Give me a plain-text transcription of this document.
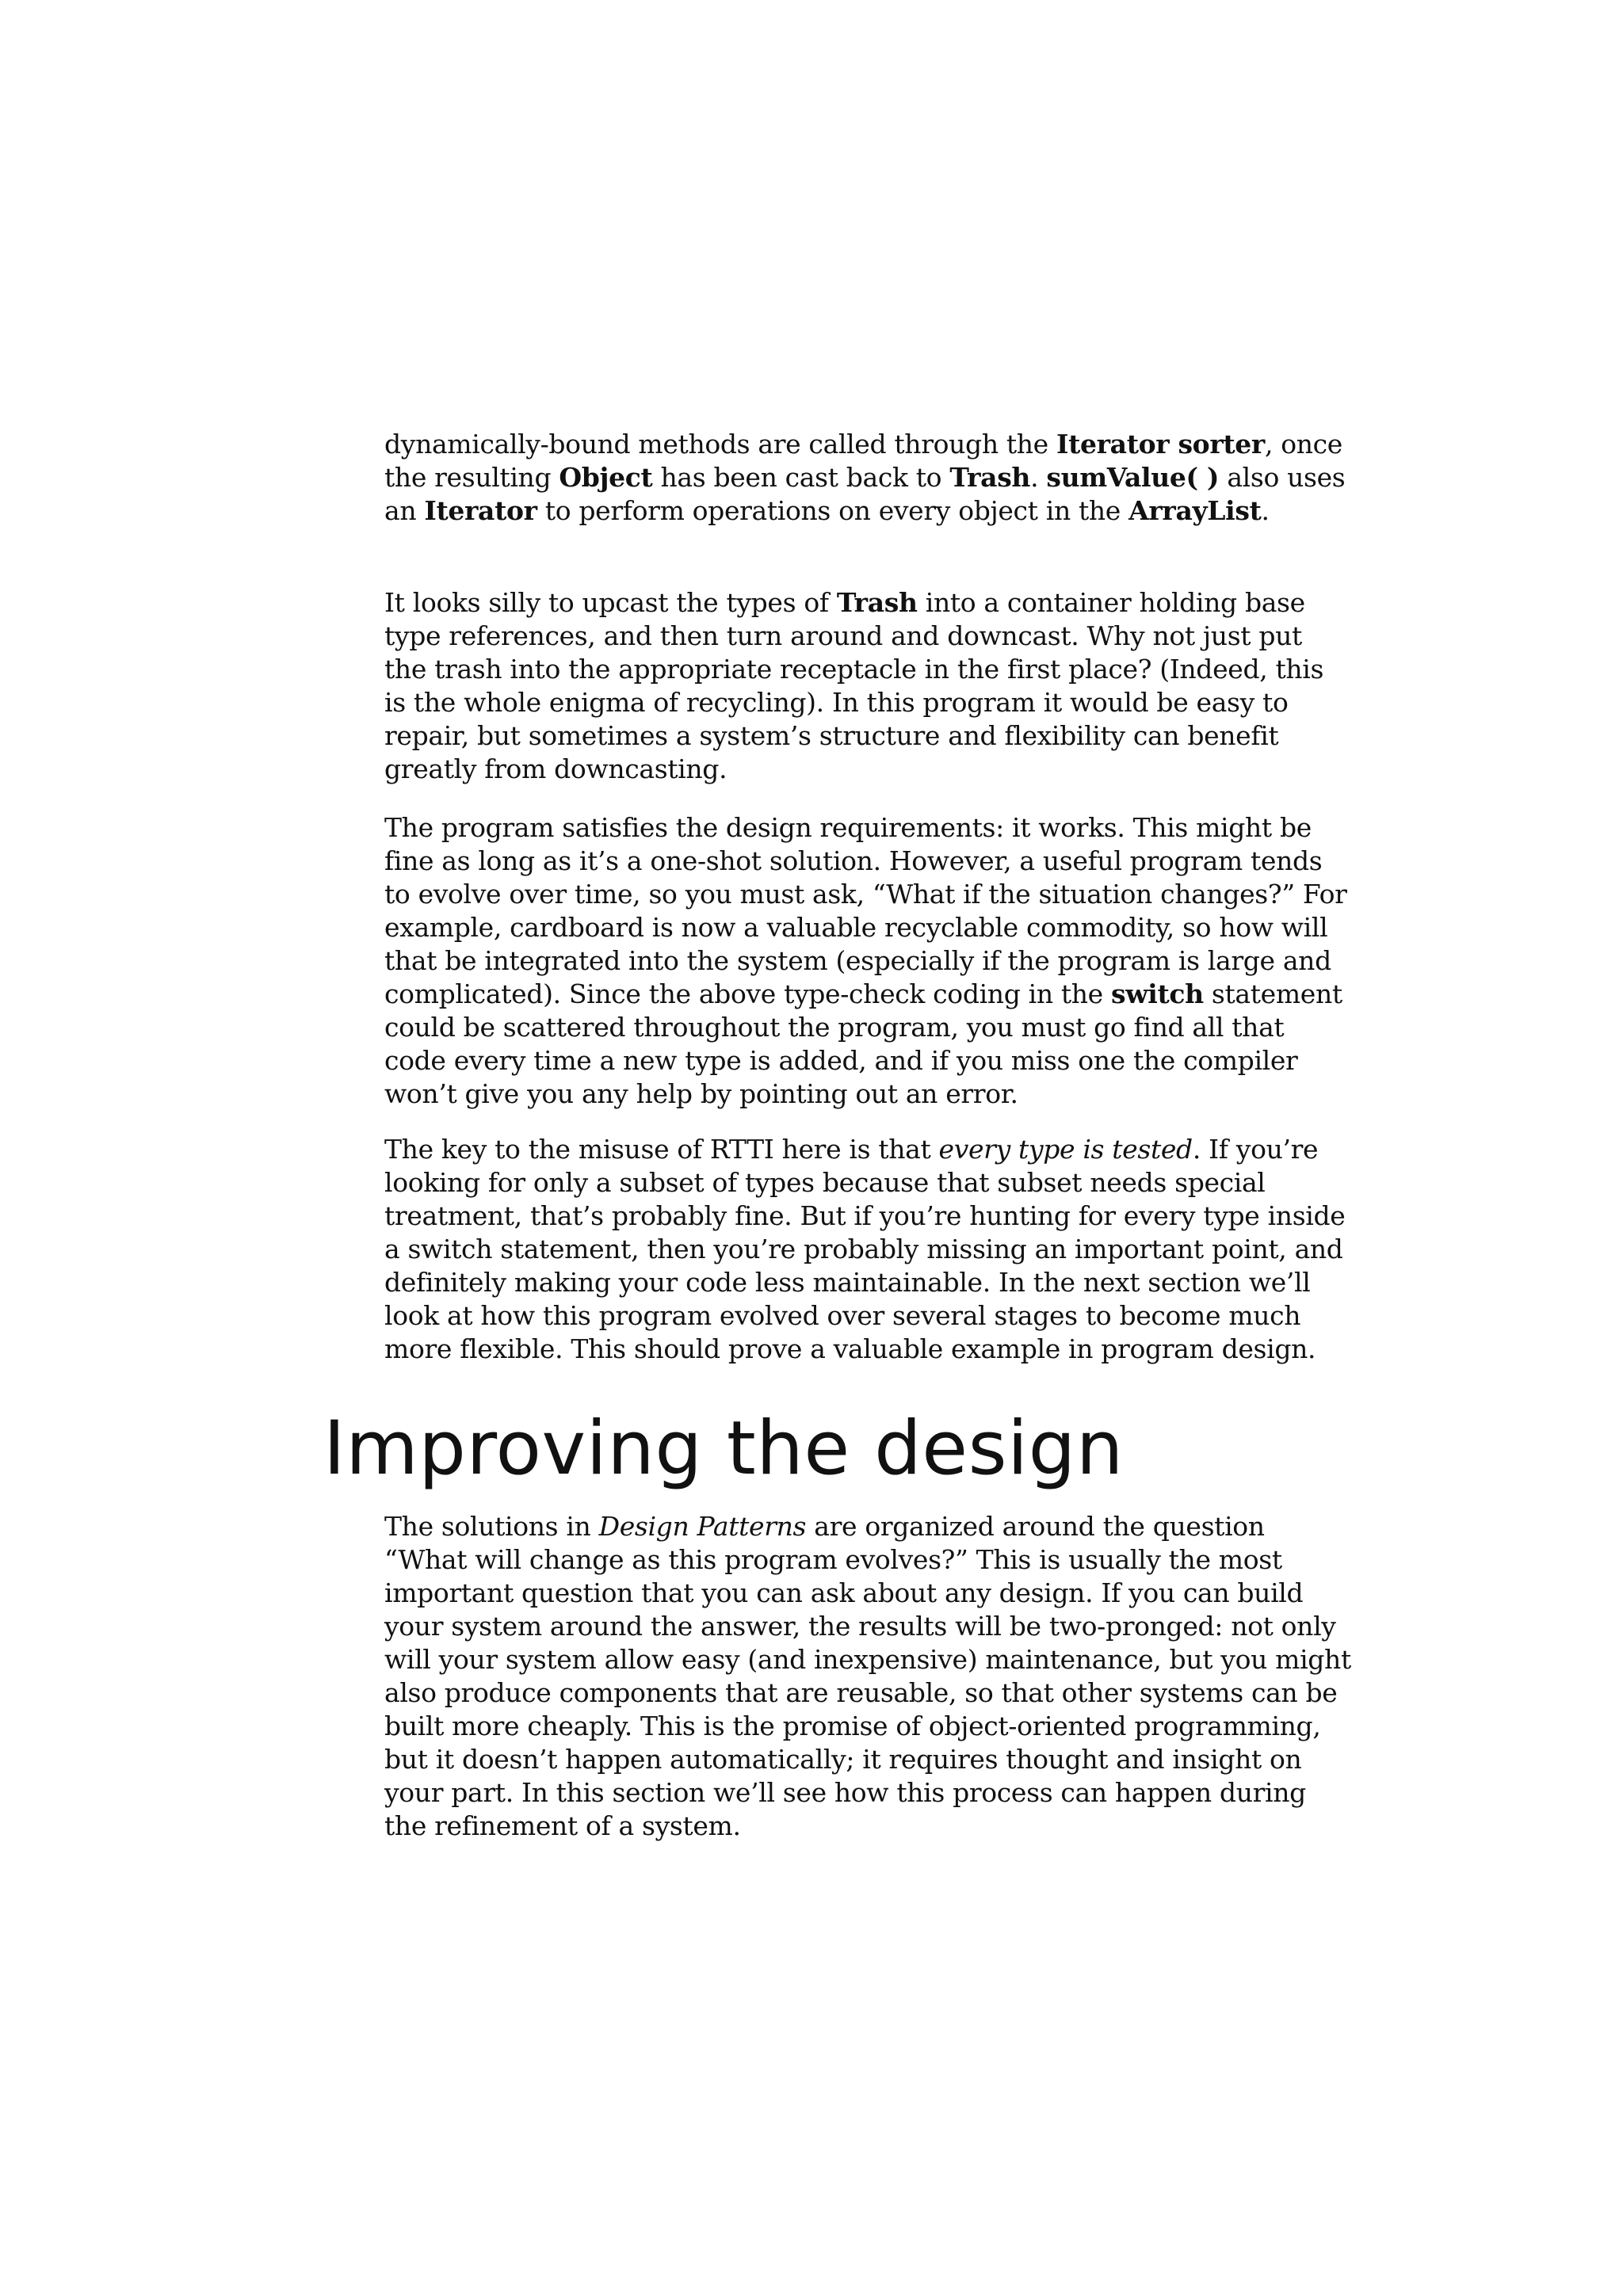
dynamically-bound methods are called through the Iterator sorter, once the resulting Object has been cast back to Trash. sumValue( ) also uses an Iterator to perform operations on every object in the ArrayList.

It looks silly to upcast the types of Trash into a container holding base type references, and then turn around and downcast. Why not just put the trash into the appropriate receptacle in the first place? (Indeed, this is the whole enigma of recycling). In this program it would be easy to repair, but sometimes a system’s structure and flexibility can benefit greatly from downcasting.

The program satisfies the design requirements: it works. This might be fine as long as it’s a one-shot solution. However, a useful program tends to evolve over time, so you must ask, “What if the situation changes?” For example, cardboard is now a valuable recyclable commodity, so how will that be integrated into the system (especially if the program is large and complicated). Since the above type-check coding in the switch statement could be scattered throughout the program, you must go find all that code every time a new type is added, and if you miss one the compiler won’t give you any help by pointing out an error.

The key to the misuse of RTTI here is that every type is tested. If you’re looking for only a subset of types because that subset needs special treatment, that’s probably fine. But if you’re hunting for every type inside a switch statement, then you’re probably missing an important point, and definitely making your code less maintainable. In the next section we’ll look at how this program evolved over several stages to become much more flexible. This should prove a valuable example in program design.

Improving the design

The solutions in Design Patterns are organized around the question “What will change as this program evolves?” This is usually the most important question that you can ask about any design. If you can build your system around the answer, the results will be two-pronged: not only will your system allow easy (and inexpensive) maintenance, but you might also produce components that are reusable, so that other systems can be built more cheaply. This is the promise of object-oriented programming, but it doesn’t happen automatically; it requires thought and insight on your part. In this section we’ll see how this process can happen during the refinement of a system.
